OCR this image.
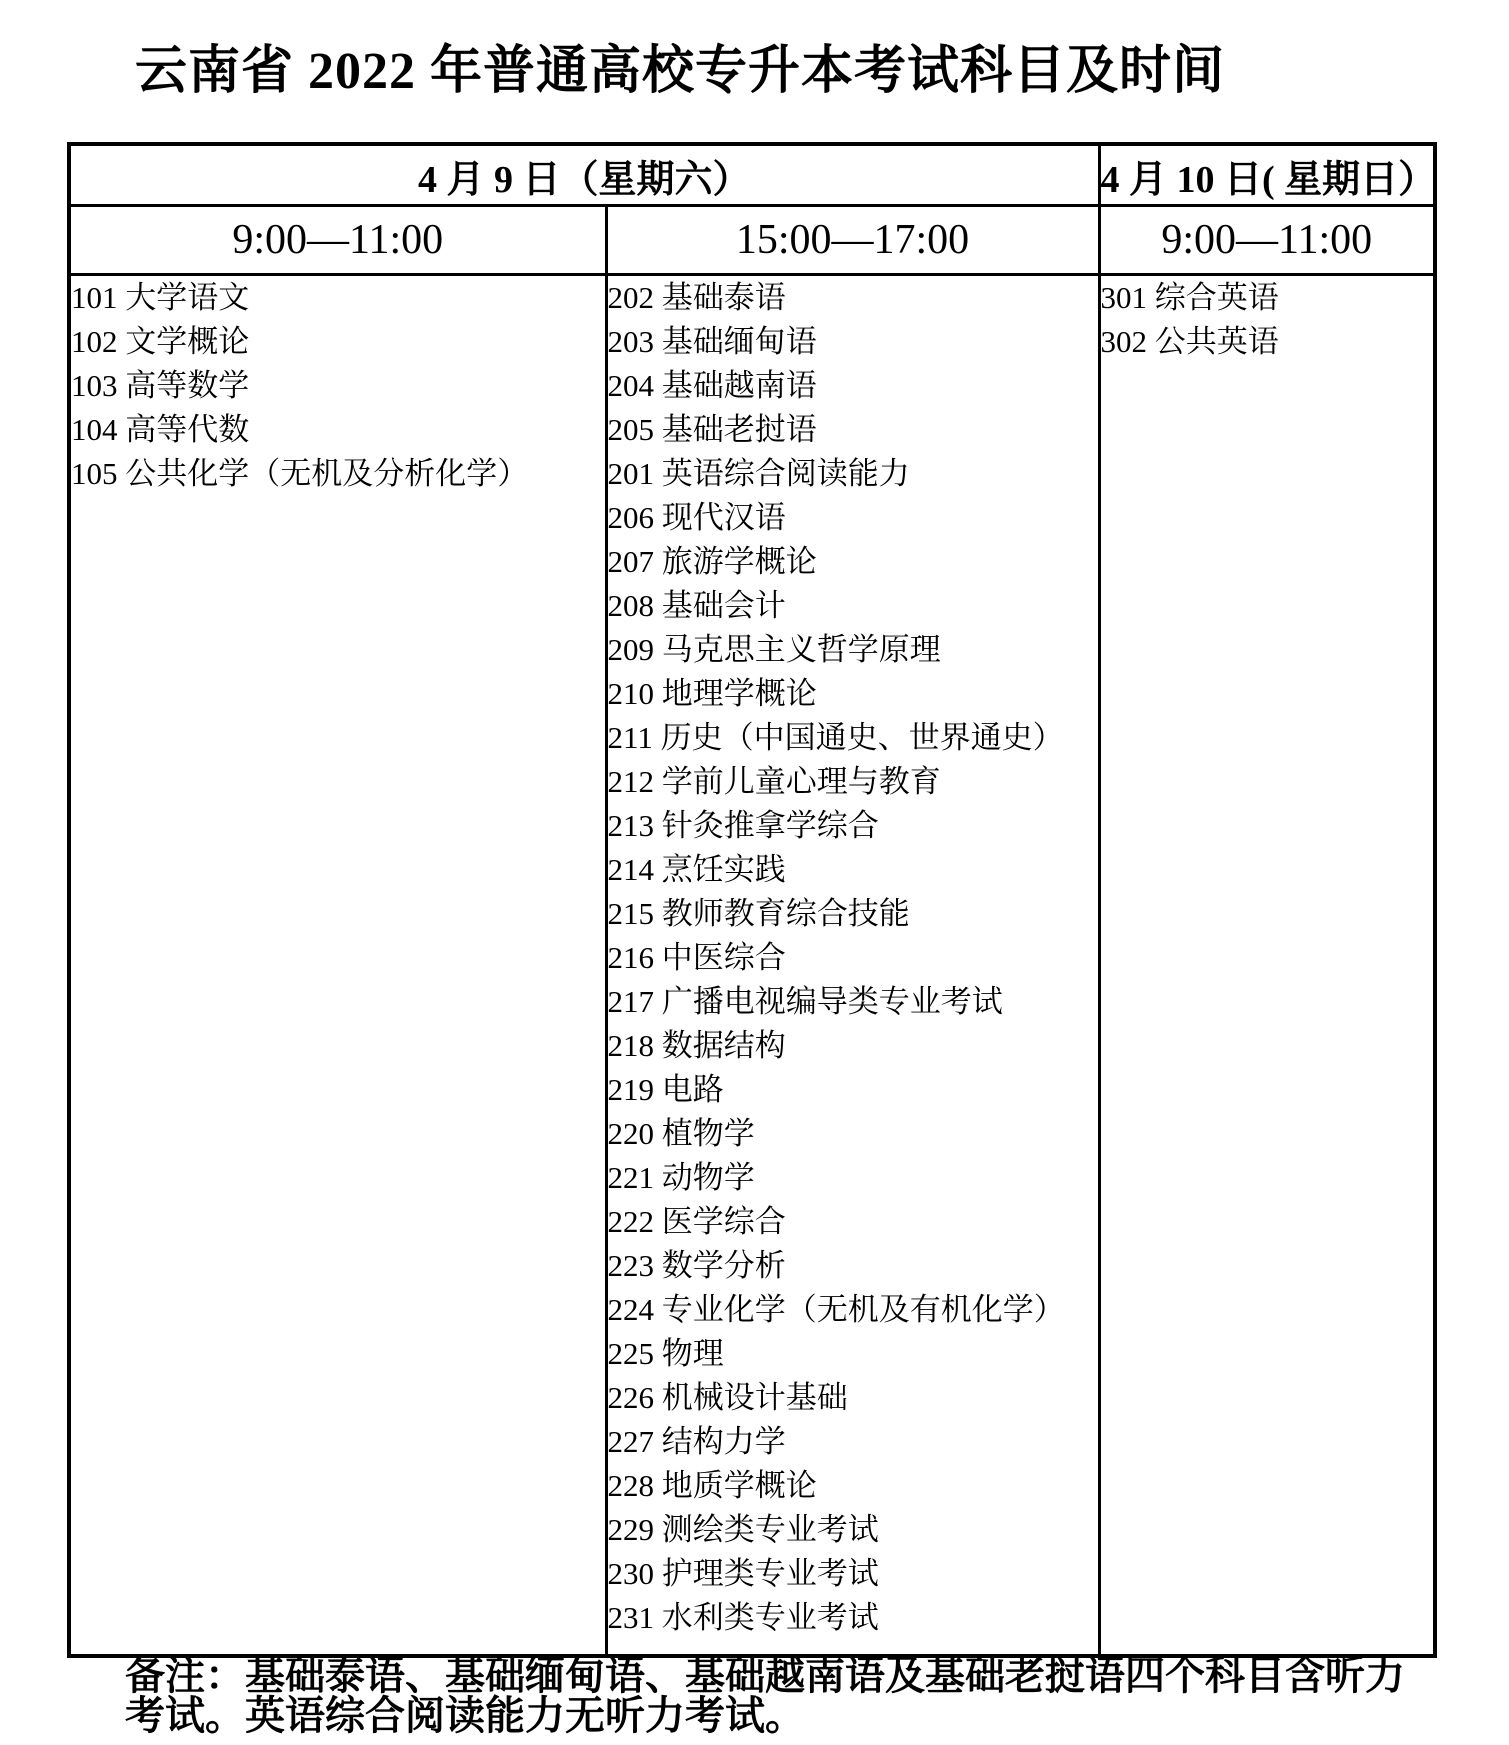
云南省 2022 年普通高校专升本考试科目及时间
4 月 9 日（星期六）		4 月 10 日( 星期日）
9:00—11:00	15:00—17:00	9:00—11:00

101 大学语文
102 文学概论
103 高等数学
104 高等代数
105 公共化学（无机及分析化学）

202 基础泰语
203 基础缅甸语
204 基础越南语
205 基础老挝语
201 英语综合阅读能力
206 现代汉语
207 旅游学概论
208 基础会计
209 马克思主义哲学原理
210 地理学概论
211 历史（中国通史、世界通史）
212 学前儿童心理与教育
213 针灸推拿学综合
214 烹饪实践
215 教师教育综合技能
216 中医综合
217 广播电视编导类专业考试
218 数据结构
219 电路
220 植物学
221 动物学
222 医学综合
223 数学分析
224 专业化学（无机及有机化学）
225 物理
226 机械设计基础
227 结构力学
228 地质学概论
229 测绘类专业考试
230 护理类专业考试
231 水利类专业考试

301 综合英语
302 公共英语
备注：基础泰语、基础缅甸语、基础越南语及基础老挝语四个科目含听力
考试。英语综合阅读能力无听力考试。
